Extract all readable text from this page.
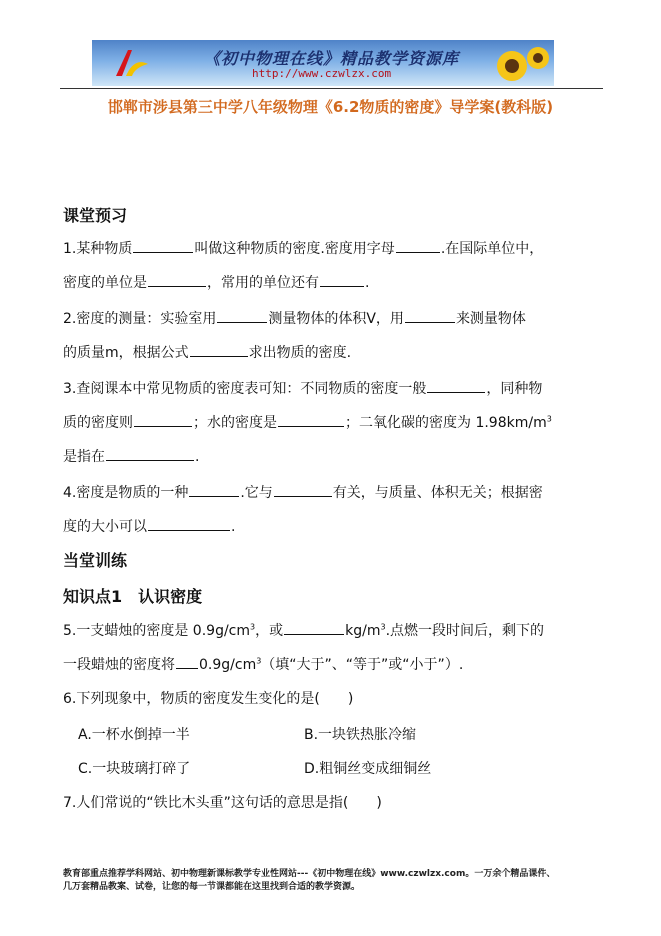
《初中物理在线》精品教学资源库
http://www.czwlzx.com
邯郸市涉县第三中学八年级物理《6.2物质的密度》导学案(教科版)
课堂预习
1.某种物质	叫做这种物质的密度.密度用字母	.在国际单位中，
密度的单位是	，常用的单位还有	.
2.密度的测量：实验室用	测量物体的体积V，用	来测量物体
的质量m，根据公式	求出物质的密度.
3.查阅课本中常见物质的密度表可知：不同物质的密度一般	，同种物
质的密度则	；水的密度是	；二氧化碳的密度为 $1.98km/m^3$
是指在	.
4.密度是物质的一种	.它与	有关，与质量、体积无关；根据密
度的大小可以	.
当堂训练
知识点1　认识密度
5.一支蜡烛的密度是 $0.9g/cm^3$，或	$kg/m^3$.点燃一段时间后，剩下的
一段蜡烛的密度将 $0.9g/cm^3$（填“大于”、“等于”或“小于”）.
6.下列现象中，物质的密度发生变化的是(　　)
A.一杯水倒掉一半	B.一块铁热胀冷缩
C.一块玻璃打碎了	D.粗铜丝变成细铜丝
7.人们常说的“铁比木头重”这句话的意思是指(　　)
教育部重点推荐学科网站、初中物理新课标教学专业性网站---《初中物理在线》www.czwlzx.com。一万余个精品课件、
几万套精品教案、试卷，让您的每一节课都能在这里找到合适的教学资源。
